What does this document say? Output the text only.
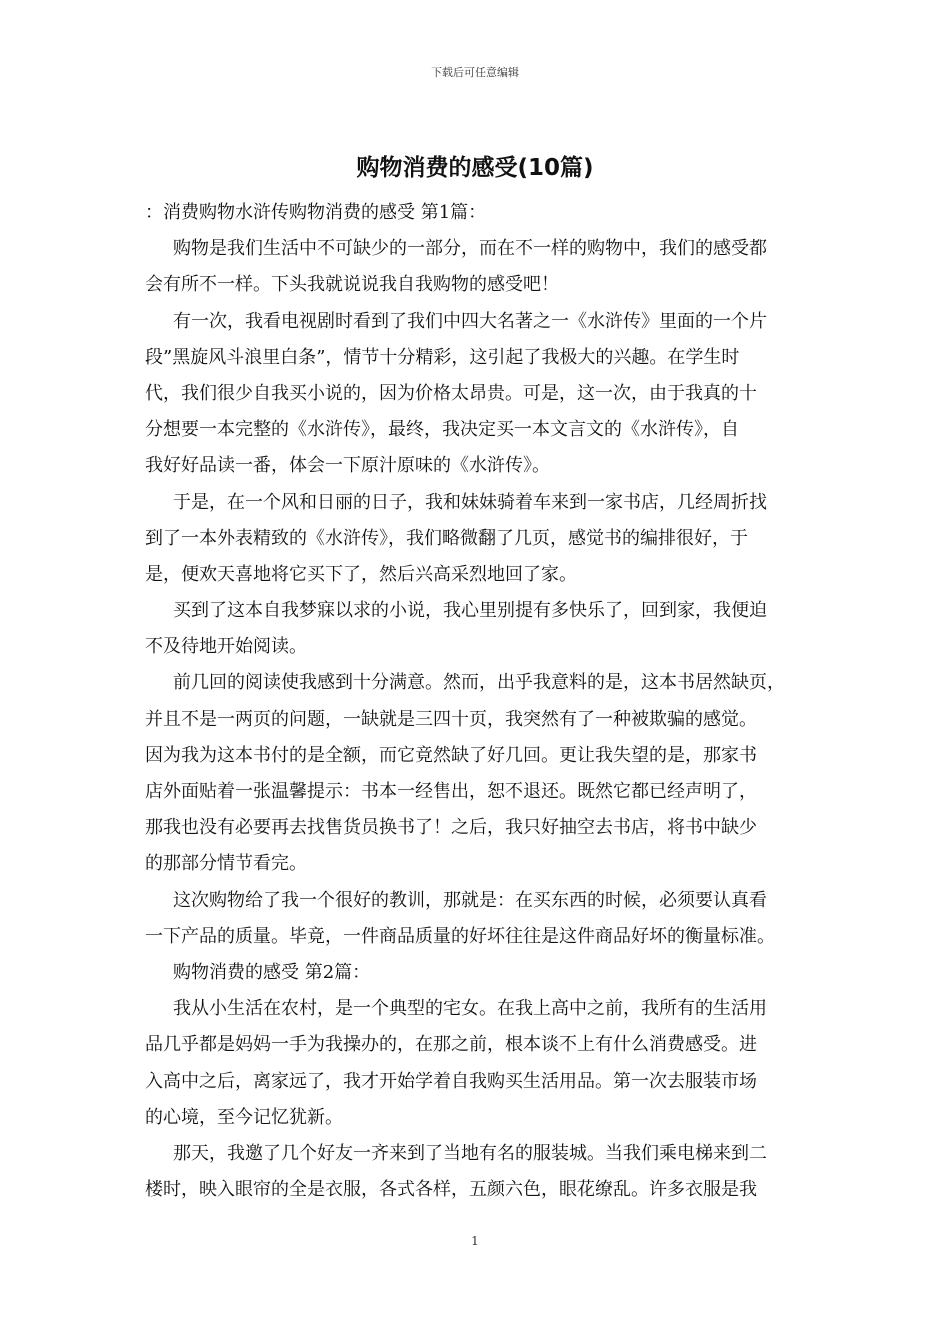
下载后可任意编辑
购物消费的感受(10篇)
：消费购物水浒传购物消费的感受 第1篇：
购物是我们生活中不可缺少的一部分，而在不一样的购物中，我们的感受都
会有所不一样。下头我就说说我自我购物的感受吧！
有一次，我看电视剧时看到了我们中四大名著之一《水浒传》里面的一个片
段”黑旋风斗浪里白条”，情节十分精彩，这引起了我极大的兴趣。在学生时
代，我们很少自我买小说的，因为价格太昂贵。可是，这一次，由于我真的十
分想要一本完整的《水浒传》，最终，我决定买一本文言文的《水浒传》，自
我好好品读一番，体会一下原汁原味的《水浒传》。
于是，在一个风和日丽的日子，我和妹妹骑着车来到一家书店，几经周折找
到了一本外表精致的《水浒传》，我们略微翻了几页，感觉书的编排很好，于
是，便欢天喜地将它买下了，然后兴高采烈地回了家。
买到了这本自我梦寐以求的小说，我心里别提有多快乐了，回到家，我便迫
不及待地开始阅读。
前几回的阅读使我感到十分满意。然而，出乎我意料的是，这本书居然缺页，
并且不是一两页的问题，一缺就是三四十页，我突然有了一种被欺骗的感觉。
因为我为这本书付的是全额，而它竟然缺了好几回。更让我失望的是，那家书
店外面贴着一张温馨提示：书本一经售出，恕不退还。既然它都已经声明了，
那我也没有必要再去找售货员换书了！之后，我只好抽空去书店，将书中缺少
的那部分情节看完。
这次购物给了我一个很好的教训，那就是：在买东西的时候，必须要认真看
一下产品的质量。毕竟，一件商品质量的好坏往往是这件商品好坏的衡量标准。
购物消费的感受 第2篇：
我从小生活在农村，是一个典型的宅女。在我上高中之前，我所有的生活用
品几乎都是妈妈一手为我操办的，在那之前，根本谈不上有什么消费感受。进
入高中之后，离家远了，我才开始学着自我购买生活用品。第一次去服装市场
的心境，至今记忆犹新。
那天，我邀了几个好友一齐来到了当地有名的服装城。当我们乘电梯来到二
楼时，映入眼帘的全是衣服，各式各样，五颜六色，眼花缭乱。许多衣服是我
1
